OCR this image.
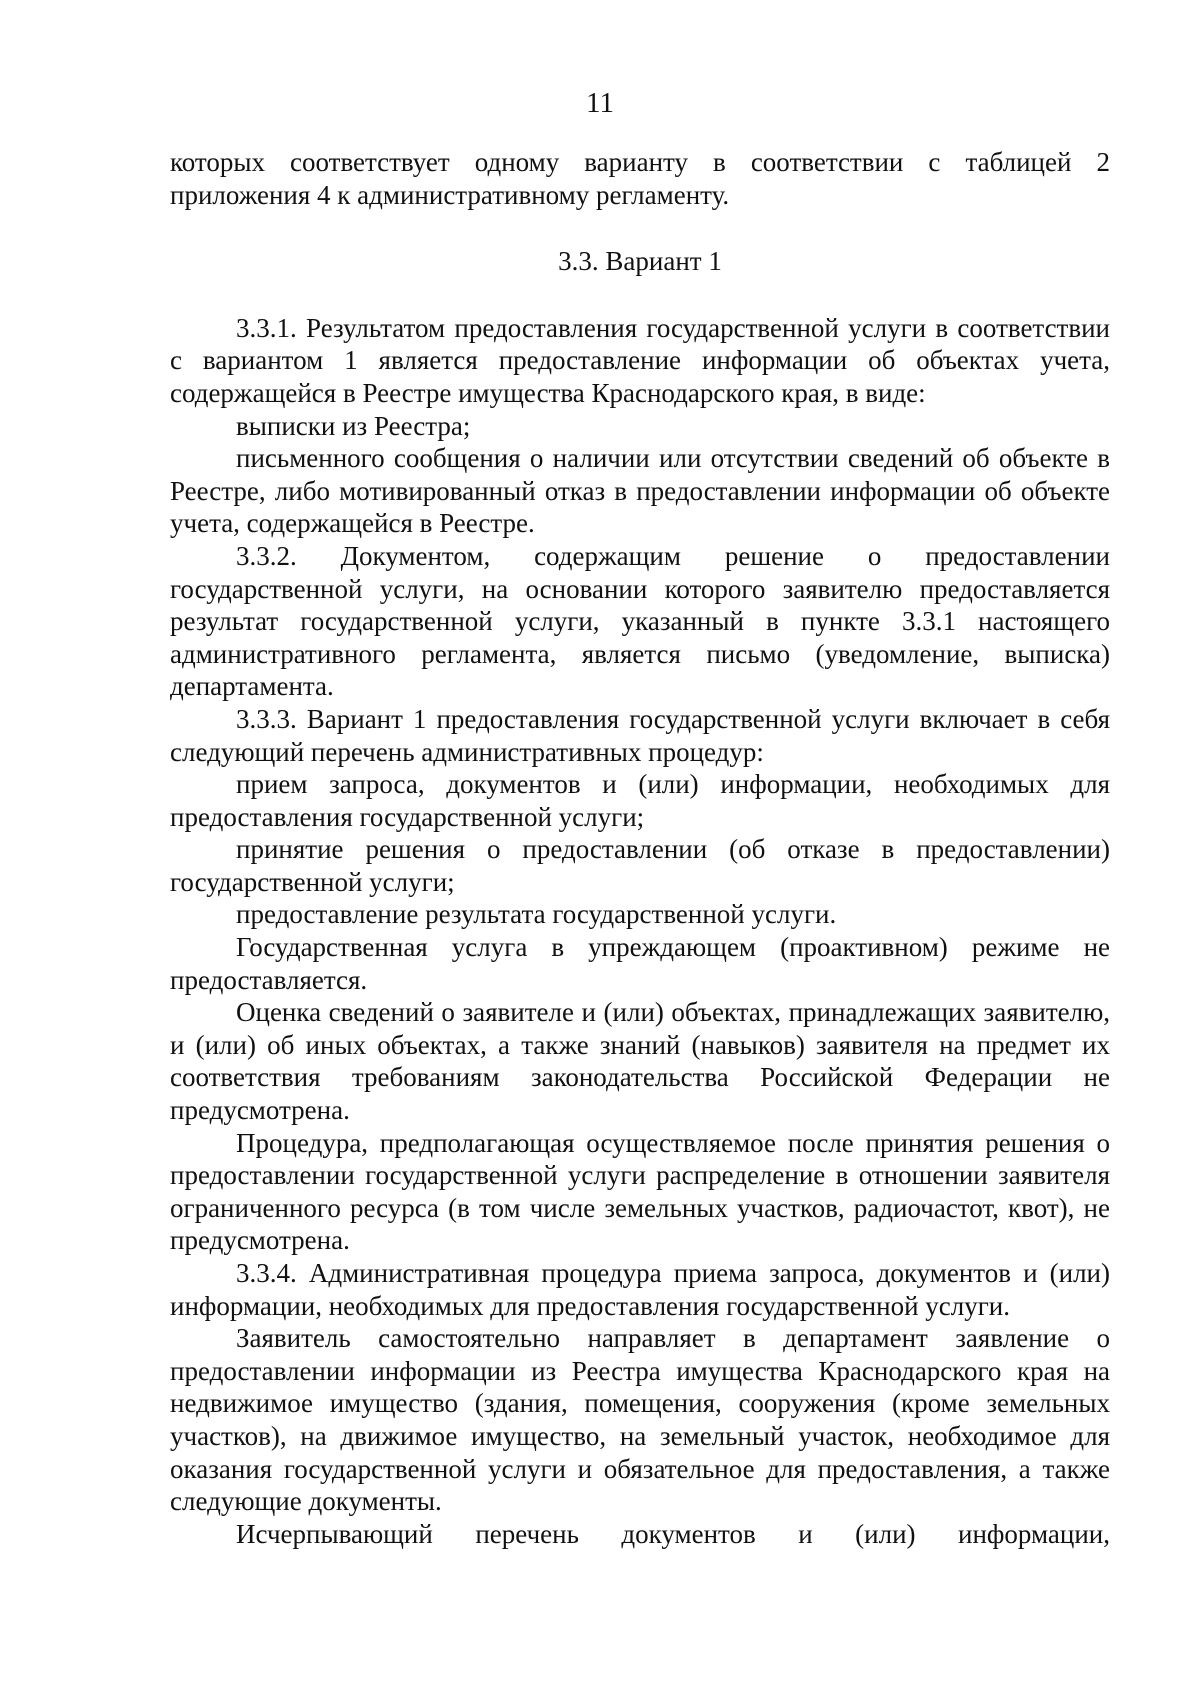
11

которых соответствует одному варианту в соответствии с таблицей 2 приложения 4 к административному регламенту.

3.3. Вариант 1

3.3.1. Результатом предоставления государственной услуги в соответствии с вариантом 1 является предоставление информации об объектах учета, содержащейся в Реестре имущества Краснодарского края, в виде:

выписки из Реестра;

письменного сообщения о наличии или отсутствии сведений об объекте в Реестре, либо мотивированный отказ в предоставлении информации об объекте учета, содержащейся в Реестре.

3.3.2. Документом, содержащим решение о предоставлении государственной услуги, на основании которого заявителю предоставляется результат государственной услуги, указанный в пункте 3.3.1 настоящего административного регламента, является письмо (уведомление, выписка) департамента.

3.3.3. Вариант 1 предоставления государственной услуги включает в себя следующий перечень административных процедур:

прием запроса, документов и (или) информации, необходимых для предоставления государственной услуги;

принятие решения о предоставлении (об отказе в предоставлении) государственной услуги;

предоставление результата государственной услуги.

Государственная услуга в упреждающем (проактивном) режиме не предоставляется.

Оценка сведений о заявителе и (или) объектах, принадлежащих заявителю, и (или) об иных объектах, а также знаний (навыков) заявителя на предмет их соответствия требованиям законодательства Российской Федерации не предусмотрена.

Процедура, предполагающая осуществляемое после принятия решения о предоставлении государственной услуги распределение в отношении заявителя ограниченного ресурса (в том числе земельных участков, радиочастот, квот), не предусмотрена.

3.3.4. Административная процедура приема запроса, документов и (или) информации, необходимых для предоставления государственной услуги.

Заявитель самостоятельно направляет в департамент заявление о предоставлении информации из Реестра имущества Краснодарского края на недвижимое имущество (здания, помещения, сооружения (кроме земельных участков), на движимое имущество, на земельный участок, необходимое для оказания государственной услуги и обязательное для предоставления, а также следующие документы.

Исчерпывающий перечень документов и (или) информации,
